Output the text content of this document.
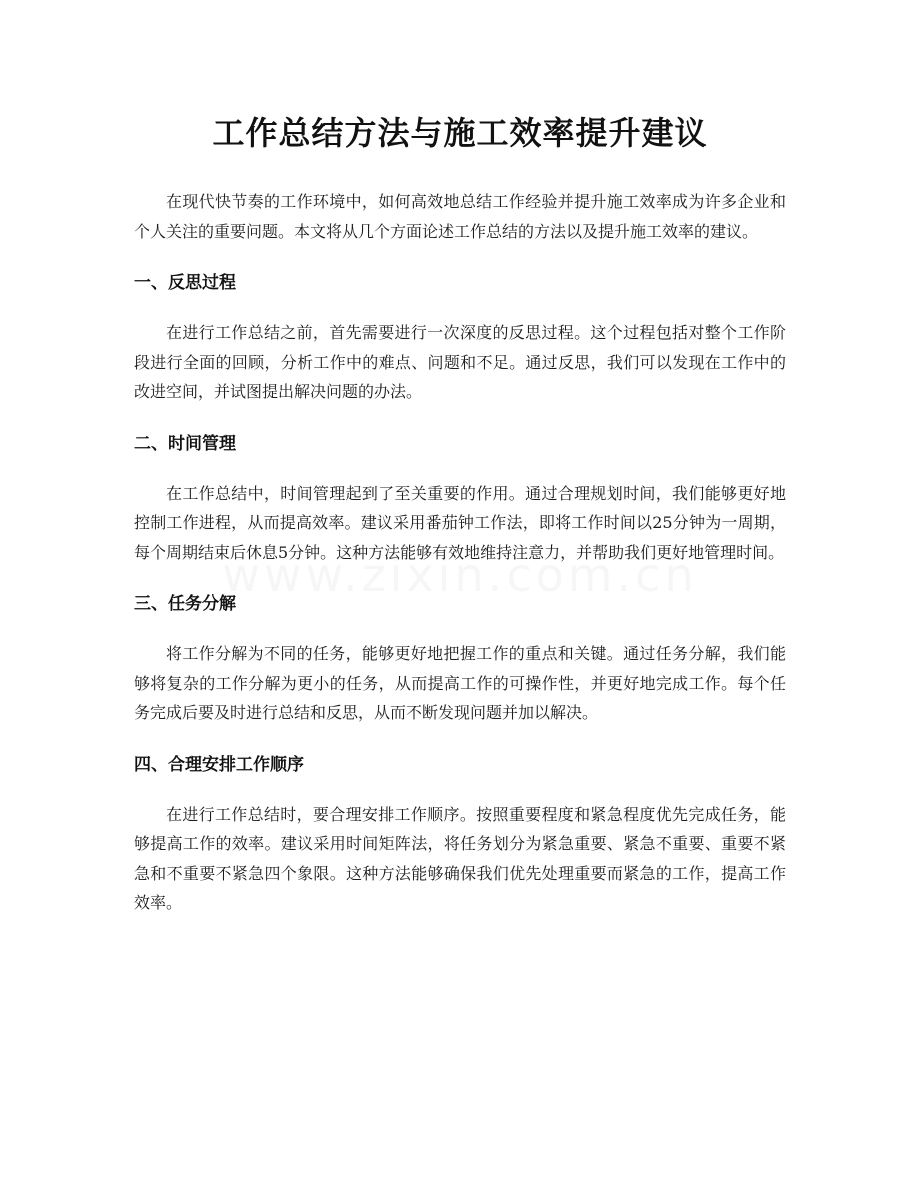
工作总结方法与施工效率提升建议

在现代快节奏的工作环境中，如何高效地总结工作经验并提升施工效率成为许多企业和个人关注的重要问题。本文将从几个方面论述工作总结的方法以及提升施工效率的建议。

一、反思过程

在进行工作总结之前，首先需要进行一次深度的反思过程。这个过程包括对整个工作阶段进行全面的回顾，分析工作中的难点、问题和不足。通过反思，我们可以发现在工作中的改进空间，并试图提出解决问题的办法。

二、时间管理

在工作总结中，时间管理起到了至关重要的作用。通过合理规划时间，我们能够更好地控制工作进程，从而提高效率。建议采用番茄钟工作法，即将工作时间以25分钟为一周期，每个周期结束后休息5分钟。这种方法能够有效地维持注意力，并帮助我们更好地管理时间。

三、任务分解

将工作分解为不同的任务，能够更好地把握工作的重点和关键。通过任务分解，我们能够将复杂的工作分解为更小的任务，从而提高工作的可操作性，并更好地完成工作。每个任务完成后要及时进行总结和反思，从而不断发现问题并加以解决。

四、合理安排工作顺序

在进行工作总结时，要合理安排工作顺序。按照重要程度和紧急程度优先完成任务，能够提高工作的效率。建议采用时间矩阵法，将任务划分为紧急重要、紧急不重要、重要不紧急和不重要不紧急四个象限。这种方法能够确保我们优先处理重要而紧急的工作，提高工作效率。
